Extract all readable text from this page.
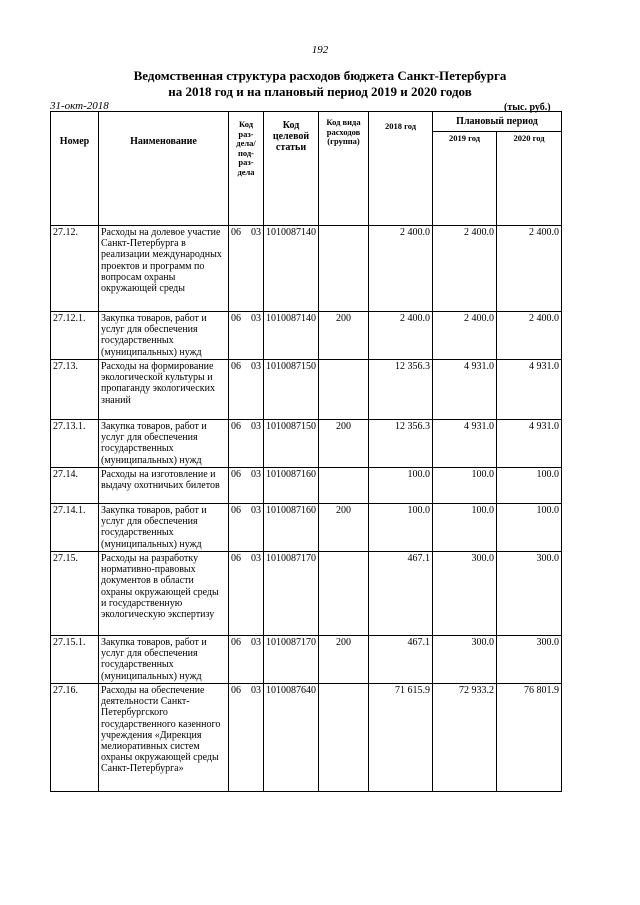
192
Ведомственная структура расходов бюджета Санкт-Петербурга
на 2018 год и на плановый период 2019 и 2020 годов
31-окт-2018	(тыс. руб.)
Номер	Наименование	Код раз-дела/ под-раз-дела	Код целевой статьи	Код вида расходов (группа)	2018 год	Плановый период	
						2019 год	2020 год
27.12.	Расходы на долевое участие Санкт-Петербурга в реализации международных проектов и программ по вопросам охраны окружающей среды	06 03	1010087140		2 400.0	2 400.0	2 400.0
27.12.1.	Закупка товаров, работ и услуг для обеспечения государственных (муниципальных) нужд	06 03	1010087140	200	2 400.0	2 400.0	2 400.0
27.13.	Расходы на формирование экологической культуры и пропаганду экологических знаний	06 03	1010087150		12 356.3	4 931.0	4 931.0
27.13.1.	Закупка товаров, работ и услуг для обеспечения государственных (муниципальных) нужд	06 03	1010087150	200	12 356.3	4 931.0	4 931.0
27.14.	Расходы на изготовление и выдачу охотничьих билетов	06 03	1010087160		100.0	100.0	100.0
27.14.1.	Закупка товаров, работ и услуг для обеспечения государственных (муниципальных) нужд	06 03	1010087160	200	100.0	100.0	100.0
27.15.	Расходы на разработку нормативно-правовых документов в области охраны окружающей среды и государственную экологическую экспертизу	06 03	1010087170		467.1	300.0	300.0
27.15.1.	Закупка товаров, работ и услуг для обеспечения государственных (муниципальных) нужд	06 03	1010087170	200	467.1	300.0	300.0
27.16.	Расходы на обеспечение деятельности Санкт-Петербургского государственного казенного учреждения «Дирекция мелиоративных систем охраны окружающей среды Санкт-Петербурга»	06 03	1010087640		71 615.9	72 933.2	76 801.9
